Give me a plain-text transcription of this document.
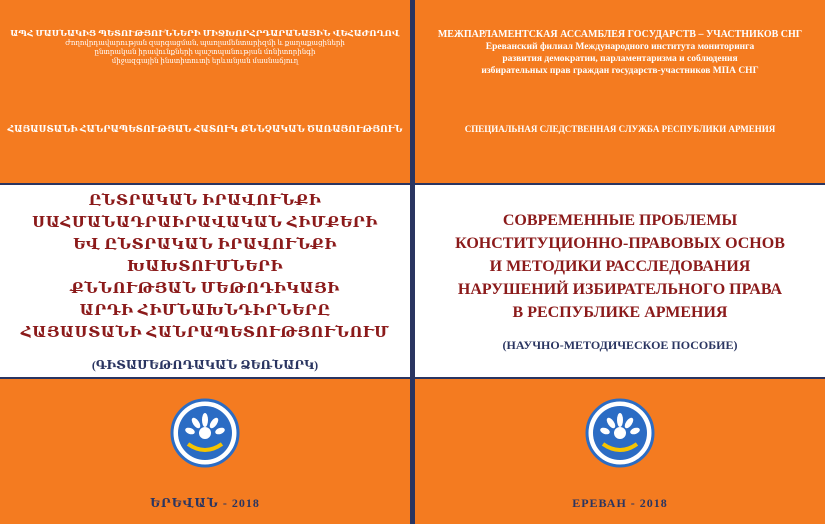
ԱՊՀ ՄԱՍՆԱԿԻՑ ՊԵՏՈՒԹՅՈՒՆՆԵՐԻ ՄԻՋԽՈՐՀՐԴԱՐԱՆԱՅԻՆ ՎԵՀԱԺՈՂՈՎ
Ժողովրդավարության զարգացման, պառլամենտարիզմի և քաղաքացիների
ընտրական իրավունքների պաշտպանության մոնիտորինգի
միջազգային ինստիտուտի երևանյան մասնաճյուղ
ՀԱՅԱՍՏԱՆԻ ՀԱՆՐԱՊԵՏՈՒԹՅԱՆ ՀԱՏՈՒԿ ՔՆՆՉԱԿԱՆ ԾԱՌԱՅՈՒԹՅՈՒՆ
ԸՆՏՐԱԿԱՆ ԻՐԱՎՈՒՆՔԻ
ՍԱՀՄԱՆԱԴՐԱԻՐԱՎԱԿԱՆ ՀԻՄՔԵՐԻ
ԵՎ ԸՆՏՐԱԿԱՆ ԻՐԱՎՈՒՆՔԻ ԽԱԽՏՈՒՄՆԵՐԻ
ՔՆՆՈՒԹՅԱՆ ՄԵԹՈԴԻԿԱՅԻ
ԱՐԴԻ ՀԻՄՆԱԽՆԴԻՐՆԵՐԸ
ՀԱՅԱՍՏԱՆԻ ՀԱՆՐԱՊԵՏՈՒԹՅՈՒՆՈՒՄ
(ԳԻՏԱՄԵԹՈԴԱԿԱՆ ՁԵՌՆԱՐԿ)
ԵՐԵՎԱՆ - 2018
МЕЖПАРЛАМЕНТСКАЯ АССАМБЛЕЯ ГОСУДАРСТВ – УЧАСТНИКОВ СНГ
Ереванский филиал Международного института мониторинга
развития демократии, парламентаризма и соблюдения
избирательных прав граждан государств-участников МПА СНГ
СПЕЦИАЛЬНАЯ СЛЕДСТВЕННАЯ СЛУЖБА РЕСПУБЛИКИ АРМЕНИЯ
СОВРЕМЕННЫЕ ПРОБЛЕМЫ
КОНСТИТУЦИОННО-ПРАВОВЫХ ОСНОВ
И МЕТОДИКИ РАССЛЕДОВАНИЯ
НАРУШЕНИЙ ИЗБИРАТЕЛЬНОГО ПРАВА
В РЕСПУБЛИКЕ АРМЕНИЯ
(НАУЧНО-МЕТОДИЧЕСКОЕ ПОСОБИЕ)
ЕРЕВАН - 2018
